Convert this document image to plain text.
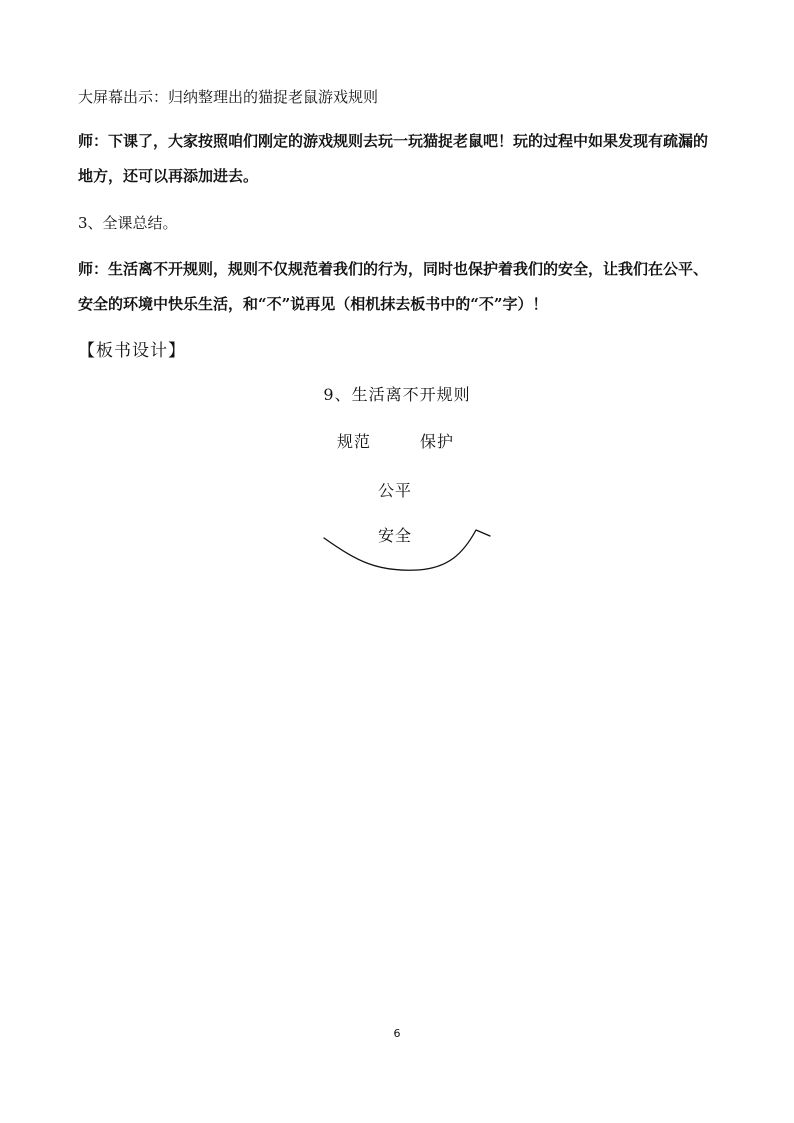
大屏幕出示：归纳整理出的猫捉老鼠游戏规则

师：下课了，大家按照咱们刚定的游戏规则去玩一玩猫捉老鼠吧！玩的过程中如果发现有疏漏的地方，还可以再添加进去。

3、全课总结。

师：生活离不开规则，规则不仅规范着我们的行为，同时也保护着我们的安全，让我们在公平、安全的环境中快乐生活，和“不”说再见（相机抹去板书中的“不”字）！

【板书设计】

9、生活离不开规则

规范	保护

公平

安全

6
